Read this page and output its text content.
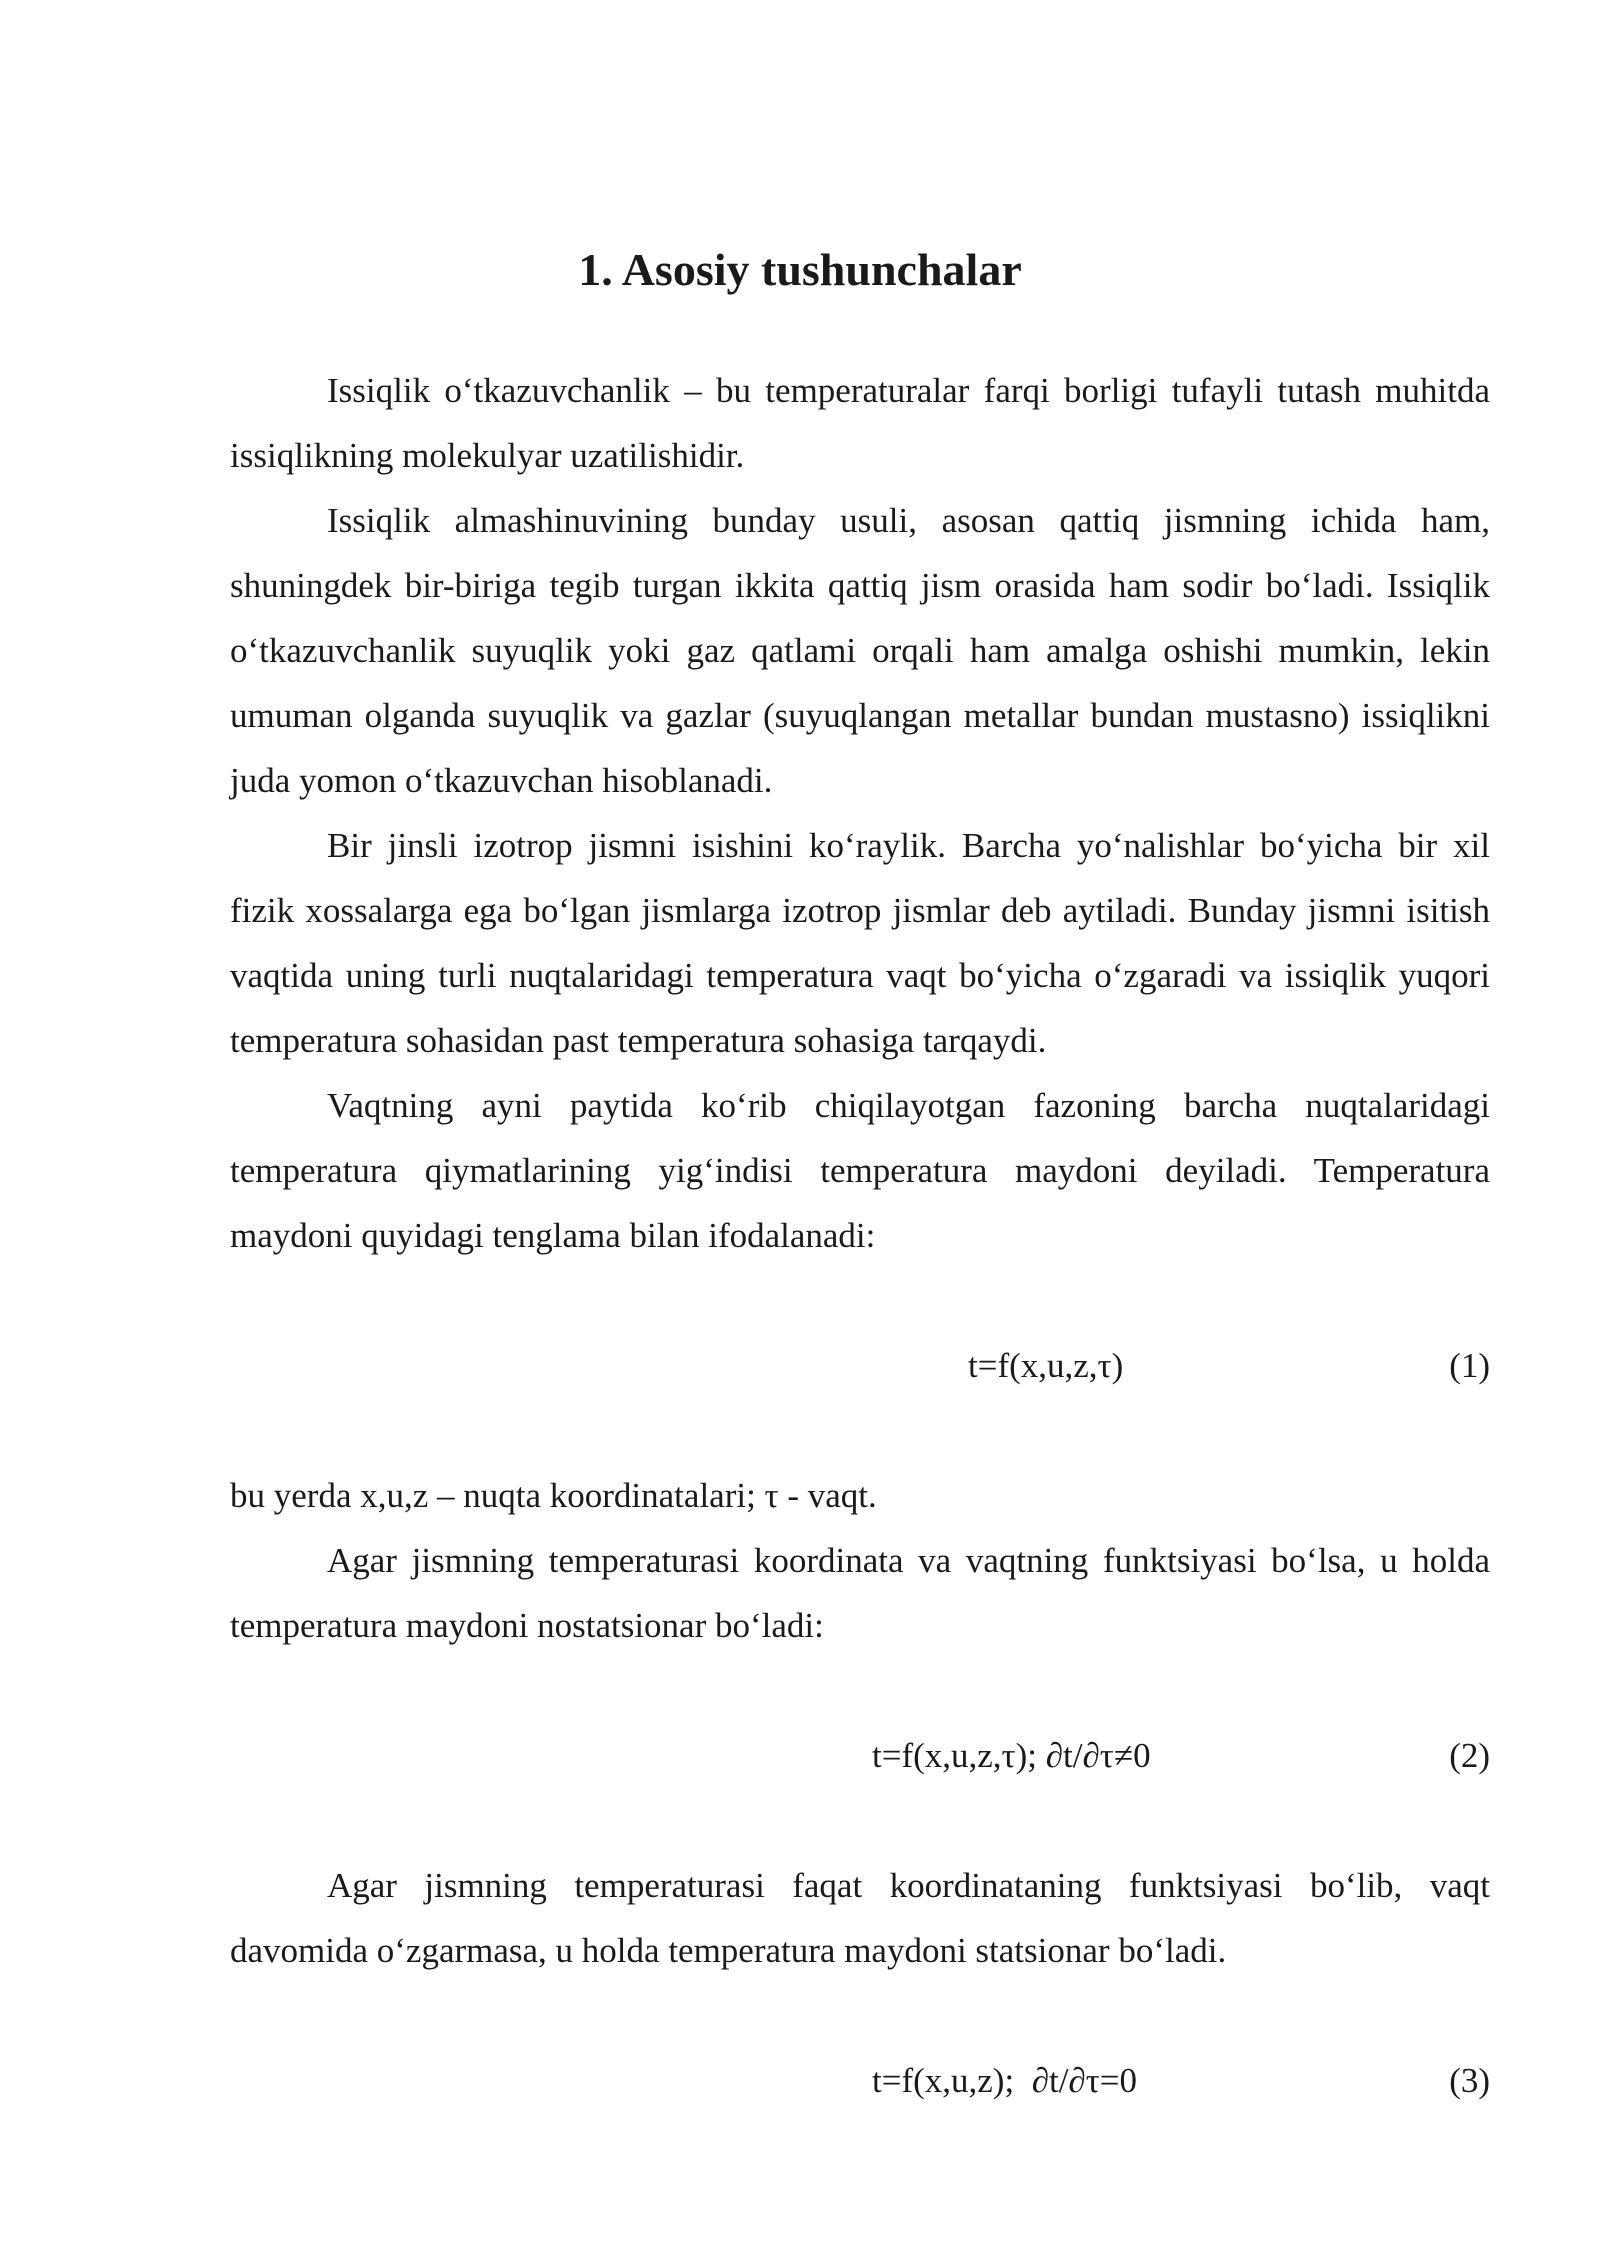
1. Asosiy tushunchalar

Issiqlik o‘tkazuvchanlik – bu temperaturalar farqi borligi tufayli tutash muhitda issiqlikning molekulyar uzatilishidir.

Issiqlik almashinuvining bunday usuli, asosan qattiq jismning ichida ham, shuningdek bir-biriga tegib turgan ikkita qattiq jism orasida ham sodir bo‘ladi. Issiqlik o‘tkazuvchanlik suyuqlik yoki gaz qatlami orqali ham amalga oshishi mumkin, lekin umuman olganda suyuqlik va gazlar (suyuqlangan metallar bundan mustasno) issiqlikni juda yomon o‘tkazuvchan hisoblanadi.

Bir jinsli izotrop jismni isishini ko‘raylik. Barcha yo‘nalishlar bo‘yicha bir xil fizik xossalarga ega bo‘lgan jismlarga izotrop jismlar deb aytiladi. Bunday jismni isitish vaqtida uning turli nuqtalaridagi temperatura vaqt bo‘yicha o‘zgaradi va issiqlik yuqori temperatura sohasidan past temperatura sohasiga tarqaydi.

Vaqtning ayni paytida ko‘rib chiqilayotgan fazoning barcha nuqtalaridagi temperatura qiymatlarining yig‘indisi temperatura maydoni deyiladi. Temperatura maydoni quyidagi tenglama bilan ifodalanadi:

t=f(x,u,z,τ)	(1)

bu yerda x,u,z – nuqta koordinatalari; τ - vaqt.

Agar jismning temperaturasi koordinata va vaqtning funktsiyasi bo‘lsa, u holda temperatura maydoni nostatsionar bo‘ladi:

t=f(x,u,z,τ); ∂t/∂τ≠0	(2)

Agar jismning temperaturasi faqat koordinataning funktsiyasi bo‘lib, vaqt davomida o‘zgarmasa, u holda temperatura maydoni statsionar bo‘ladi.

t=f(x,u,z);  ∂t/∂τ=0	(3)
